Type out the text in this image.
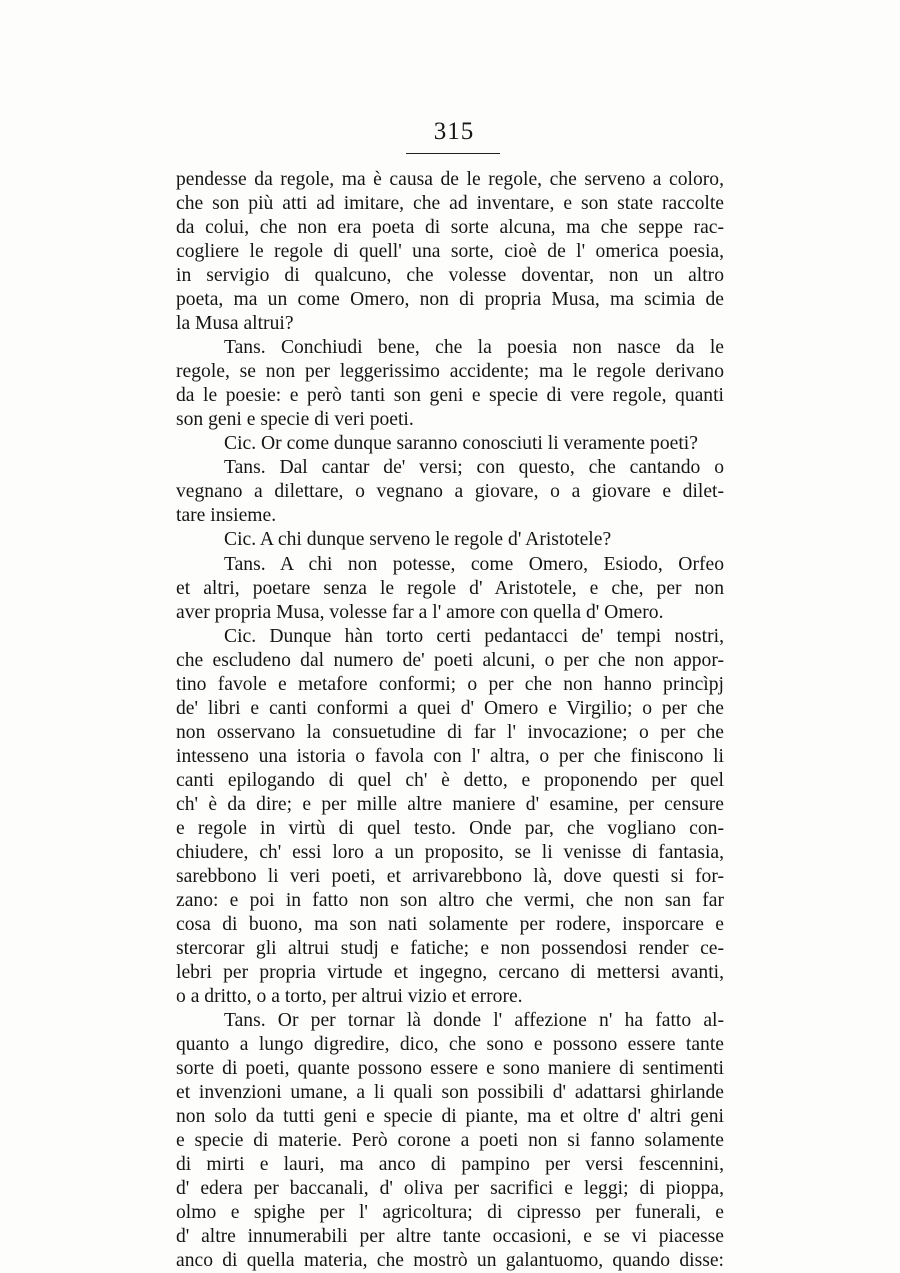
315
pendesse da regole, ma è causa de le regole, che serveno a coloro,
che son più atti ad imitare, che ad inventare, e son state raccolte
da colui, che non era poeta di sorte alcuna, ma che seppe rac-
cogliere le regole di quell' una sorte, cioè de l' omerica poesia,
in servigio di qualcuno, che volesse doventar, non un altro
poeta, ma un come Omero, non di propria Musa, ma scimia de
la Musa altrui?
Tans. Conchiudi bene, che la poesia non nasce da le
regole, se non per leggerissimo accidente; ma le regole derivano
da le poesie: e però tanti son geni e specie di vere regole, quanti
son geni e specie di veri poeti.
Cic. Or come dunque saranno conosciuti li veramente poeti?
Tans. Dal cantar de' versi; con questo, che cantando o
vegnano a dilettare, o vegnano a giovare, o a giovare e dilet-
tare insieme.
Cic. A chi dunque serveno le regole d' Aristotele?
Tans. A chi non potesse, come Omero, Esiodo, Orfeo
et altri, poetare senza le regole d' Aristotele, e che, per non
aver propria Musa, volesse far a l' amore con quella d' Omero.
Cic. Dunque hàn torto certi pedantacci de' tempi nostri,
che escludeno dal numero de' poeti alcuni, o per che non appor-
tino favole e metafore conformi; o per che non hanno princìpj
de' libri e canti conformi a quei d' Omero e Virgilio; o per che
non osservano la consuetudine di far l' invocazione; o per che
intesseno una istoria o favola con l' altra, o per che finiscono li
canti epilogando di quel ch' è detto, e proponendo per quel
ch' è da dire; e per mille altre maniere d' esamine, per censure
e regole in virtù di quel testo. Onde par, che vogliano con-
chiudere, ch' essi loro a un proposito, se li venisse di fantasia,
sarebbono li veri poeti, et arrivarebbono là, dove questi si for-
zano: e poi in fatto non son altro che vermi, che non san far
cosa di buono, ma son nati solamente per rodere, insporcare e
stercorar gli altrui studj e fatiche; e non possendosi render ce-
lebri per propria virtude et ingegno, cercano di mettersi avanti,
o a dritto, o a torto, per altrui vizio et errore.
Tans. Or per tornar là donde l' affezione n' ha fatto al-
quanto a lungo digredire, dico, che sono e possono essere tante
sorte di poeti, quante possono essere e sono maniere di sentimenti
et invenzioni umane, a li quali son possibili d' adattarsi ghirlande
non solo da tutti geni e specie di piante, ma et oltre d' altri geni
e specie di materie. Però corone a poeti non si fanno solamente
di mirti e lauri, ma anco di pampino per versi fescennini,
d' edera per baccanali, d' oliva per sacrifici e leggi; di pioppa,
olmo e spighe per l' agricoltura; di cipresso per funerali, e
d' altre innumerabili per altre tante occasioni, e se vi piacesse
anco di quella materia, che mostrò un galantuomo, quando disse:
